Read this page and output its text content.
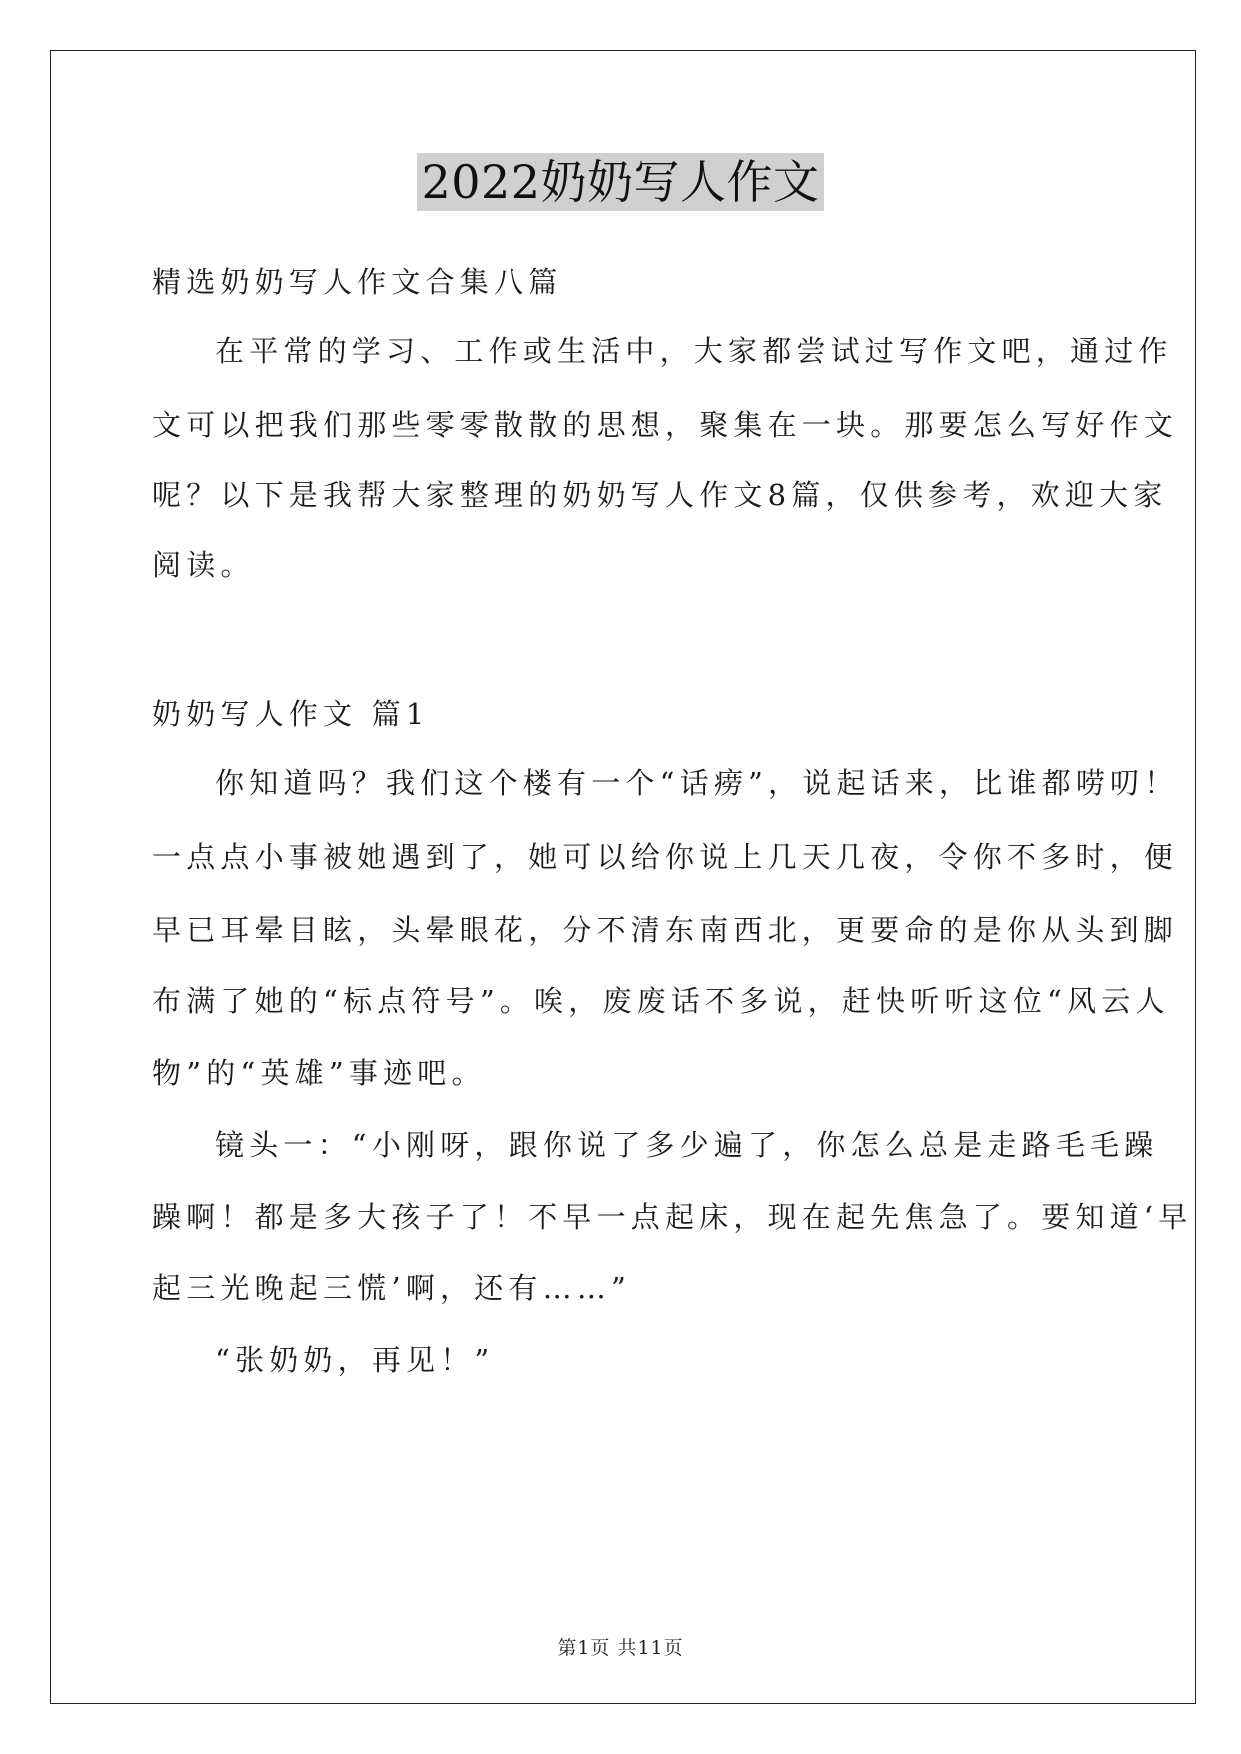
2022奶奶写人作文
精选奶奶写人作文合集八篇
在平常的学习、工作或生活中，大家都尝试过写作文吧，通过作
文可以把我们那些零零散散的思想，聚集在一块。那要怎么写好作文
呢？以下是我帮大家整理的奶奶写人作文8篇，仅供参考，欢迎大家
阅读。
奶奶写人作文 篇1
你知道吗？我们这个楼有一个“话痨”，说起话来，比谁都唠叨！
一点点小事被她遇到了，她可以给你说上几天几夜，令你不多时，便
早已耳晕目眩，头晕眼花，分不清东南西北，更要命的是你从头到脚
布满了她的“标点符号”。唉，废废话不多说，赶快听听这位“风云人
物”的“英雄”事迹吧。
镜头一：“小刚呀，跟你说了多少遍了，你怎么总是走路毛毛躁
躁啊！都是多大孩子了！不早一点起床，现在起先焦急了。要知道‘早
起三光晚起三慌’啊，还有……”
“张奶奶，再见！”
第1页 共11页
